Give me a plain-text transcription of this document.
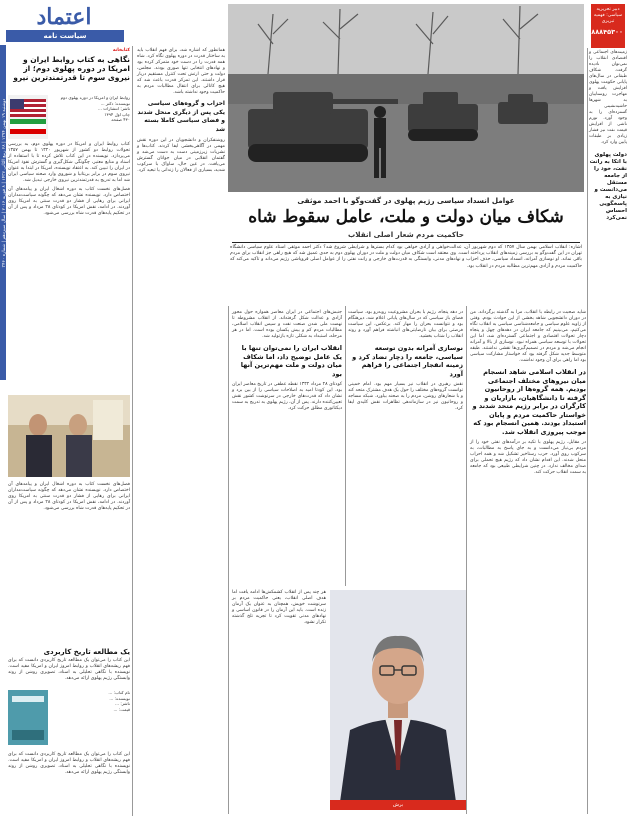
دوشنبه ۱۹ بهمن ۱۳۹۴ | ۲۸ ربیع الثانی ۱۴۳۷ | ۸ فوریه ۲۰۱۶ | سال سیزدهم | شماره ۳۴۶۰
اعتماد
سیاست نامه
دبیر تحریریه سیاسی: فهمیه تبریزی
۸۸۸۴۵۳۰۰
عوامل انسداد سیاسی رژیم پهلوی در گفت‌وگو با احمد موثقی
شکاف میان دولت و ملت، عامل سقوط شاه
حاکمیت مردم شعار اصلی انقلاب
اشاره: انقلاب اسلامی بهمن سال ۱۳۵۷ که دوم شهریور آن، عدالت‌خواهی و آزادی خواهی بود کدام بستر‌ها و شرایطی شروع شد؟ دکتر احمد موثقی استاد علوم سیاسی دانشگاه تهران در این گفت‌وگو به بررسی زمینه‌های انقلاب پرداخته است. وی معتقد است شکاف میان دولت و ملت در دوران پهلوی دوم به حدی عمیق شد که هیچ راهی جز انقلاب برای مردم باقی نماند. او نوسازی آمرانه، انسداد سیاسی، حذف احزاب و نهادهای مدنی، وابستگی به قدرت‌های خارجی و رانت نفتی را از عوامل اصلی فروپاشی رژیم می‌داند و تاکید می‌کند که حاکمیت مردم و آزادی مهم‌ترین مطالبه مردم در انقلاب بود.
شاید صحبت در رابطه با انقلاب، مرا به گذشته برگرداند. من در دوران دانشجویی شاهد بخشی از این حوادث بودم. وقتی از زاویه علوم سیاسی و جامعه‌شناسی سیاسی به انقلاب نگاه می‌کنیم، می‌بینیم که جامعه ایران در دهه‌های چهل و پنجاه دچار تحولات اقتصادی و اجتماعی گسترده‌ای شد، اما این تحولات با توسعه سیاسی همراه نبود. نوسازی از بالا و آمرانه انجام می‌شد و مردم در تصمیم‌گیری‌ها نقشی نداشتند. طبقه متوسط جدید شکل گرفته بود که خواستار مشارکت سیاسی بود اما راهی برای آن وجود نداشت.
در انقلاب اسلامی شاهد انسجام میان نیروهای مختلف اجتماعی بودیم. همه گروه‌ها از روحانیون گرفته تا دانشگاهیان، بازاریان و کارگران در برابر رژیم متحد شدند و خواستار حاکمیت مردم و پایان استبداد بودند. همین انسجام بود که موجب پیروزی انقلاب شد.
در مقابل، رژیم پهلوی با تکیه بر درآمدهای نفتی خود را از مردم بی‌نیاز می‌دانست و به جای پاسخ به مطالبات، به سرکوب روی آورد. حزب رستاخیز تشکیل شد و همه احزاب منحل شدند. این اقدام نشان داد که رژیم هیچ تحملی برای صدای مخالف ندارد. در چنین شرایطی طبیعی بود که جامعه به سمت انقلاب حرکت کند.
زمینه‌های اجتماعی و اقتصادی انقلاب را نمی‌توان نادیده گرفت. شکاف طبقاتی در سال‌های پایانی حکومت پهلوی افزایش یافت و مهاجرت روستاییان به شهرها حاشیه‌نشینی گسترده‌ای را به وجود آورد. تورم ناشی از افزایش قیمت نفت نیز فشار زیادی بر طبقات پایین وارد کرد.
دولت پهلوی با اتکا به رانت نفت، خود را از جامعه مستقل می‌دانست و نیازی به پاسخگویی احساس نمی‌کرد
جنبش‌های اجتماعی در ایران معاصر همواره حول محور آزادی و عدالت شکل گرفته‌اند. از انقلاب مشروطه تا نهضت ملی شدن صنعت نفت و سپس انقلاب اسلامی، مطالبات مردم کم و بیش یکسان بوده است. اما در هر مرحله، استبداد به شکلی تازه بازتولید شد.
انقلاب ‌ایران را نمی‌توان تنها با یک عامل توضیح داد، اما شکاف میان دولت و ملت مهم‌ترین آنها بود
کودتای ۲۸ مرداد ۱۳۳۲ نقطه عطفی در تاریخ معاصر ایران بود. این کودتا امید به اصلاحات سیاسی را از بین برد و نشان داد که قدرت‌های خارجی در سرنوشت کشور نقش تعیین‌کننده دارند. پس از آن، رژیم پهلوی به تدریج به سمت دیکتاتوری مطلق حرکت کرد.
در دهه پنجاه، رژیم با بحران مشروعیت روبه‌رو بود. سیاست فضای باز سیاسی که در سال‌های پایانی اعلام شد، دیرهنگام بود و نتوانست بحران را مهار کند. برعکس، این سیاست فرصتی برای بیان نارضایتی‌های انباشته فراهم آورد و روند انقلاب را شتاب بخشید.
نوسازی آمرانه بدون توسعه سیاسی، جامعه را دچار تضاد کرد و زمینه انفجار اجتماعی را فراهم آورد
نقش رهبری در انقلاب نیز بسیار مهم بود. امام خمینی توانست گروه‌های مختلف را حول یک هدف مشترک متحد کند و با شعارهای روشن، مردم را به صحنه بیاورد. شبکه مساجد و روحانیون نیز در سازماندهی تظاهرات نقش کلیدی ایفا کرد.
هر چند پس از انقلاب کشمکش‌ها ادامه یافت اما هدف اصلی انقلاب، یعنی حاکمیت مردم بر سرنوشت خویش، همچنان به عنوان یک آرمان زنده است. باید این آرمان را در قانون اساسی و نهادهای مدنی تقویت کرد تا تجربه تلخ گذشته تکرار نشود.
برش
همانطور که اشاره شد، برای فهم انقلاب باید به ساختار قدرت در دوره پهلوی نگاه کرد. شاه همه قدرت را در دست خود متمرکز کرده بود و نهادهای انتخابی تنها صوری بودند. مجلس، دولت و حتی ارتش تحت کنترل مستقیم دربار قرار داشتند. این تمرکز قدرت باعث شد که هیچ کانالی برای انتقال مطالبات مردم به حاکمیت وجود نداشته باشد.
احزاب و گروه‌های سیاسی یکی پس از دیگری منحل شدند و فضای سیاسی کاملا بسته شد
روشنفکران و دانشجویان در این دوره نقش مهمی در آگاهی‌بخشی ایفا کردند. کتاب‌ها و نشریات زیرزمینی دست به دست می‌شد و گفتمان انقلابی در میان جوانان گسترش می‌یافت. در عین حال، ساواک با سرکوب شدید، بسیاری از فعالان را زندانی یا تبعید کرد.
کتابخانه
نگاهی به کتاب روابط ایران و امریکا در دوره پهلوی دوم؛ از نیروی سوم تا قدرتمندترین نیرو
روابط ایران و امریکا در دوره پهلوی دوم
نویسنده: دکتر ...
ناشر: انتشارات ...
چاپ اول ۱۳۹۴
۴۳۰ صفحه
کتاب روابط ایران و امریکا در دوره پهلوی دوم، به بررسی تحولات روابط دو کشور از شهریور ۱۳۲۰ تا بهمن ۱۳۵۷ می‌پردازد. نویسنده در این کتاب تلاش کرده تا با استفاده از اسناد و منابع معتبر، چگونگی شکل‌گیری و گسترش نفوذ امریکا در ایران را تبیین کند. به اعتقاد نویسنده، امریکا در ابتدا به عنوان نیروی سوم در برابر بریتانیا و شوروی وارد صحنه سیاسی ایران شد اما به تدریج به قدرتمندترین نیروی خارجی تبدیل شد.
فصل‌های نخست کتاب به دوره اشغال ایران و پیامدهای آن اختصاص دارد. نویسنده نشان می‌دهد که چگونه سیاست‌مداران ایرانی برای رهایی از فشار دو قدرت سنتی به امریکا روی آوردند. در ادامه، نقش امریکا در کودتای ۲۸ مرداد و پس از آن در تحکیم پایه‌های قدرت شاه بررسی می‌شود.
فصل‌های نخست کتاب به دوره اشغال ایران و پیامدهای آن اختصاص دارد. نویسنده نشان می‌دهد که چگونه سیاست‌مداران ایرانی برای رهایی از فشار دو قدرت سنتی به امریکا روی آوردند. در ادامه، نقش امریکا در کودتای ۲۸ مرداد و پس از آن در تحکیم پایه‌های قدرت شاه بررسی می‌شود.
یک مطالعه تاریخ کاربردی
این کتاب را می‌توان یک مطالعه تاریخ کاربردی دانست که برای فهم ریشه‌های انقلاب و روابط امروز ایران و امریکا مفید است. نویسنده با نگاهی تحلیلی به اسناد، تصویری روشن از روند وابستگی رژیم پهلوی ارائه می‌دهد.
نام کتاب: ...
نویسنده: ...
ناشر: ...
قیمت: ...
این کتاب را می‌توان یک مطالعه تاریخ کاربردی دانست که برای فهم ریشه‌های انقلاب و روابط امروز ایران و امریکا مفید است. نویسنده با نگاهی تحلیلی به اسناد، تصویری روشن از روند وابستگی رژیم پهلوی ارائه می‌دهد.
